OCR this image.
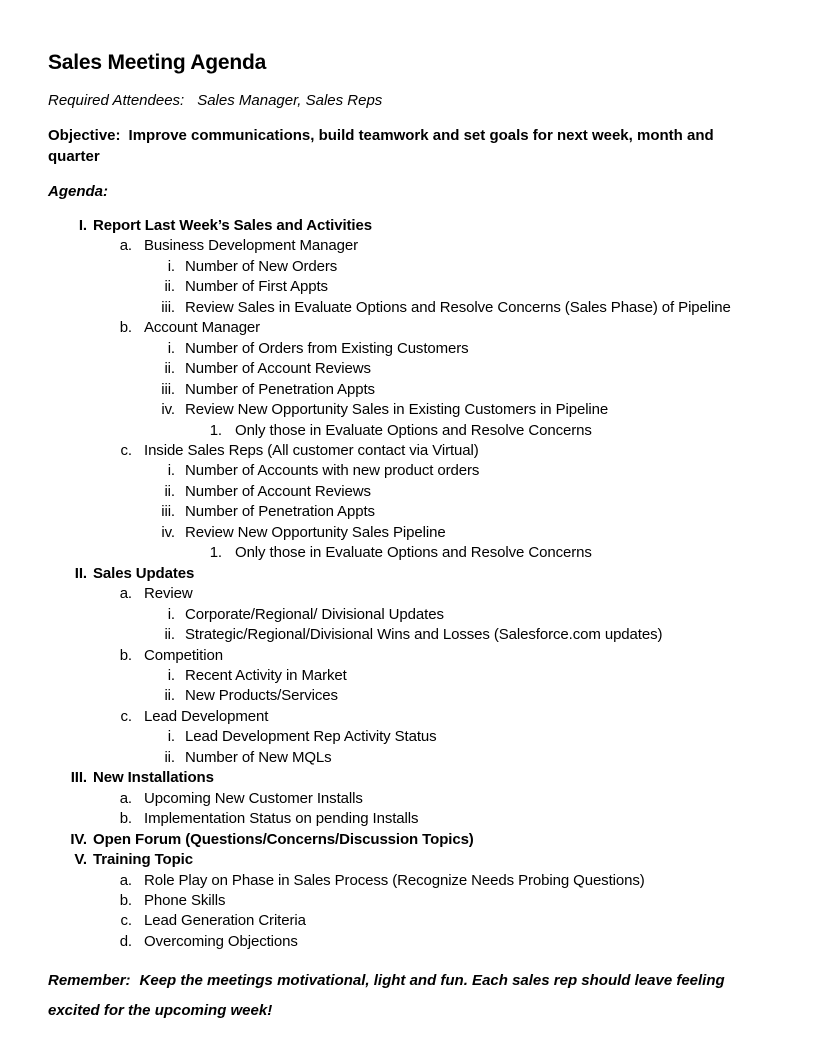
Sales Meeting Agenda

Required Attendees: Sales Manager, Sales Reps

Objective: Improve communications, build teamwork and set goals for next week, month and quarter

Agenda:

I. Report Last Week’s Sales and Activities
a. Business Development Manager
i. Number of New Orders
ii. Number of First Appts
iii. Review Sales in Evaluate Options and Resolve Concerns (Sales Phase) of Pipeline
b. Account Manager
i. Number of Orders from Existing Customers
ii. Number of Account Reviews
iii. Number of Penetration Appts
iv. Review New Opportunity Sales in Existing Customers in Pipeline
1. Only those in Evaluate Options and Resolve Concerns
c. Inside Sales Reps (All customer contact via Virtual)
i. Number of Accounts with new product orders
ii. Number of Account Reviews
iii. Number of Penetration Appts
iv. Review New Opportunity Sales Pipeline
1. Only those in Evaluate Options and Resolve Concerns
II. Sales Updates
a. Review
i. Corporate/Regional/ Divisional Updates
ii. Strategic/Regional/Divisional Wins and Losses (Salesforce.com updates)
b. Competition
i. Recent Activity in Market
ii. New Products/Services
c. Lead Development
i. Lead Development Rep Activity Status
ii. Number of New MQLs
III. New Installations
a. Upcoming New Customer Installs
b. Implementation Status on pending Installs
IV. Open Forum (Questions/Concerns/Discussion Topics)
V. Training Topic
a. Role Play on Phase in Sales Process (Recognize Needs Probing Questions)
b. Phone Skills
c. Lead Generation Criteria
d. Overcoming Objections

Remember: Keep the meetings motivational, light and fun. Each sales rep should leave feeling excited for the upcoming week!
